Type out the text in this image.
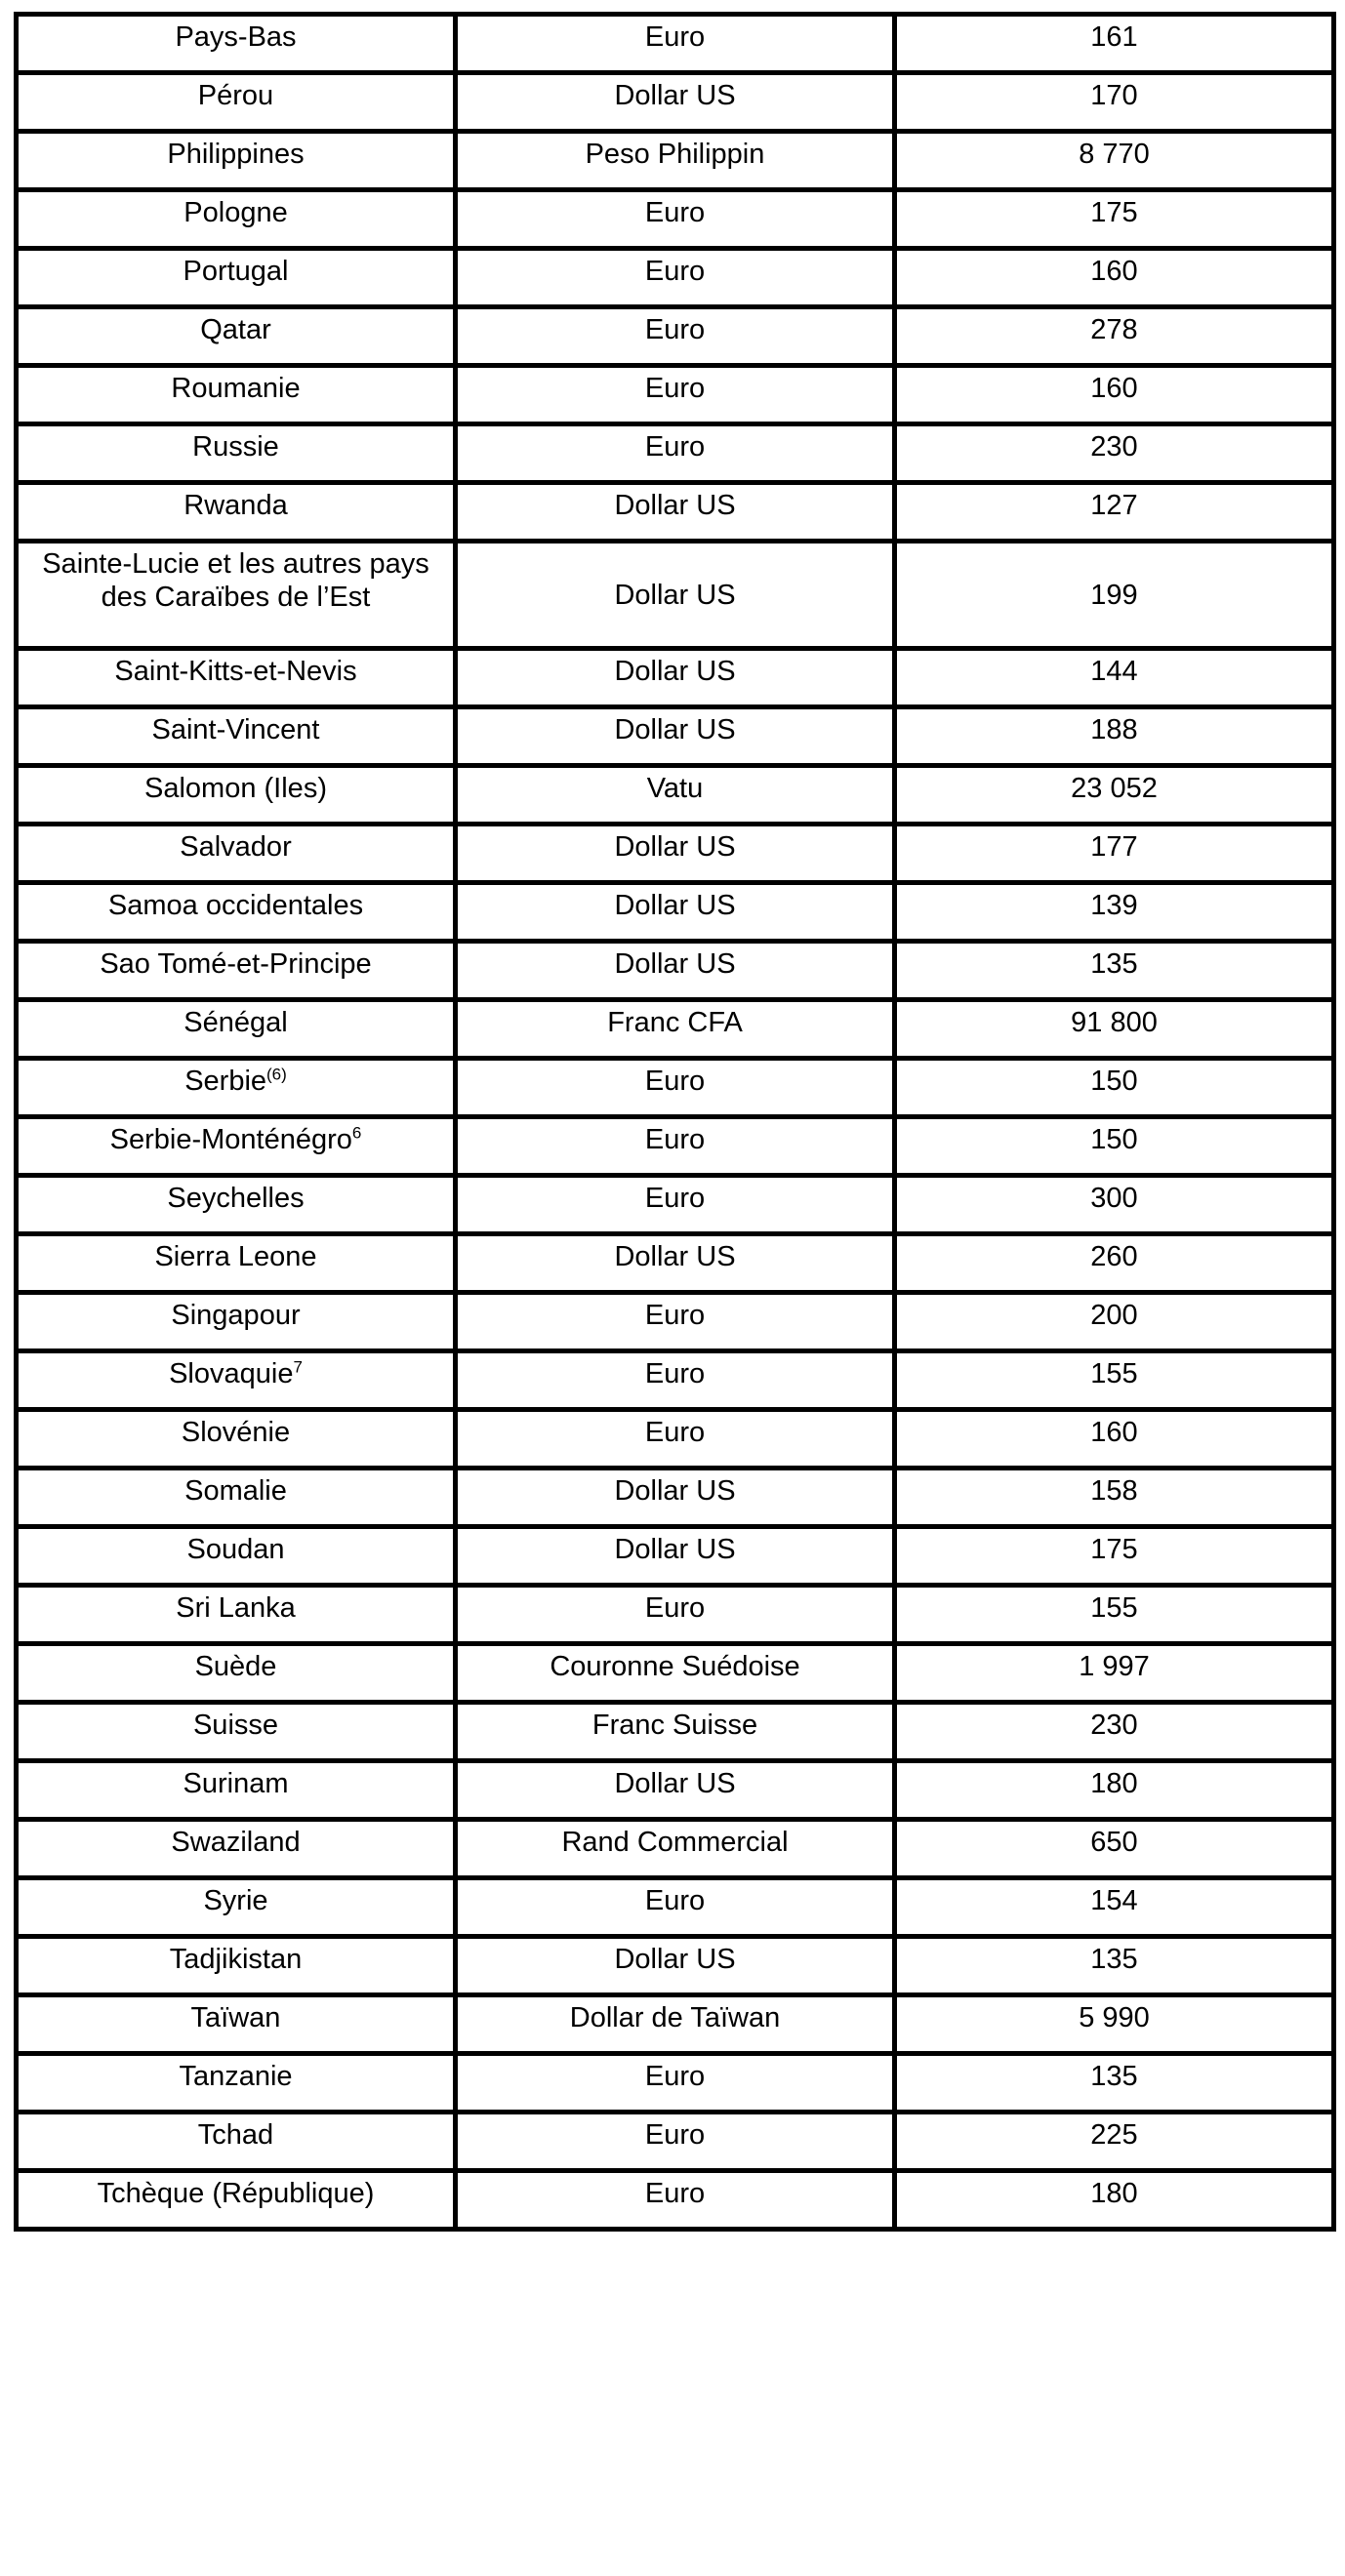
Pays-Bas	Euro	161
Pérou	Dollar US	170
Philippines	Peso Philippin	8 770
Pologne	Euro	175
Portugal	Euro	160
Qatar	Euro	278
Roumanie	Euro	160
Russie	Euro	230
Rwanda	Dollar US	127
Sainte-Lucie et les autres pays des Caraïbes de l’Est	Dollar US	199
Saint-Kitts-et-Nevis	Dollar US	144
Saint-Vincent	Dollar US	188
Salomon (Iles)	Vatu	23 052
Salvador	Dollar US	177
Samoa occidentales	Dollar US	139
Sao Tomé-et-Principe	Dollar US	135
Sénégal	Franc CFA	91 800
Serbie$^{(6)}$	Euro	150
Serbie-Monténégro$^6$	Euro	150
Seychelles	Euro	300
Sierra Leone	Dollar US	260
Singapour	Euro	200
Slovaquie$^7$	Euro	155
Slovénie	Euro	160
Somalie	Dollar US	158
Soudan	Dollar US	175
Sri Lanka	Euro	155
Suède	Couronne Suédoise	1 997
Suisse	Franc Suisse	230
Surinam	Dollar US	180
Swaziland	Rand Commercial	650
Syrie	Euro	154
Tadjikistan	Dollar US	135
Taïwan	Dollar de Taïwan	5 990
Tanzanie	Euro	135
Tchad	Euro	225
Tchèque (République)	Euro	180
